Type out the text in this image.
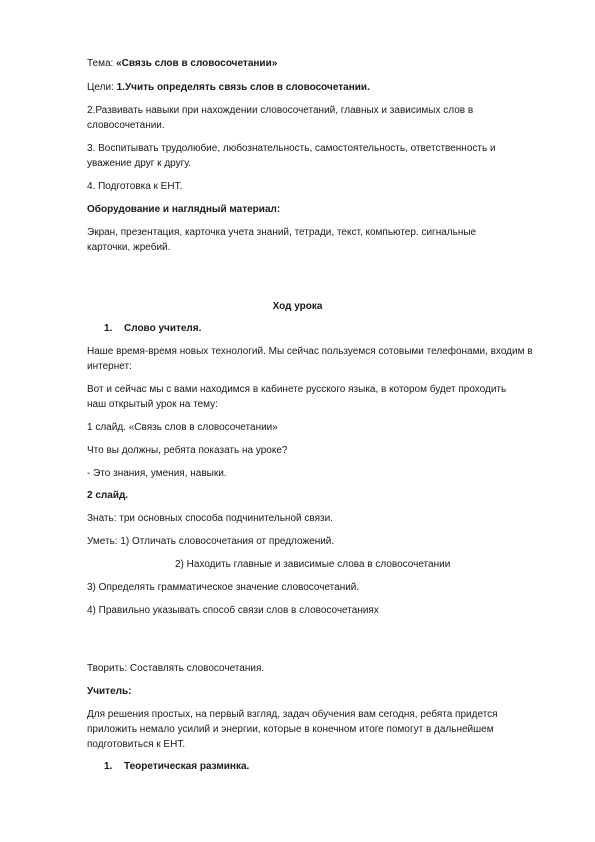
Тема: «Связь слов в словосочетании»

Цели: 1.Учить определять связь слов в словосочетании.

2.Развивать навыки при нахождении словосочетаний, главных и зависимых слов в

словосочетании.

3. Воспитывать трудолюбие, любознательность, самостоятельность, ответственность и

уважение друг к другу.

4. Подготовка к ЕНТ.

Оборудование и наглядный материал:

Экран, презентация, карточка учета знаний, тетради, текст, компьютер. сигнальные

карточки, жребий.

Ход урока

1. Слово учителя.

Наше время-время новых технологий. Мы сейчас пользуемся сотовыми телефонами, входим в

интернет:

Вот и сейчас мы с вами находимся в кабинете русского языка, в котором будет проходить

наш открытый урок на тему:

1 слайд. «Связь слов в словосочетании»

Что вы должны, ребята показать на уроке?

- Это знания, умения, навыки.

2 слайд.

Знать: три основных способа подчинительной связи.

Уметь: 1) Отличать словосочетания от предложений.

2) Находить главные и зависимые слова в словосочетании

3) Определять грамматическое значение словосочетаний.

4) Правильно указывать способ связи слов в словосочетаниях

Творить: Составлять словосочетания.

Учитель:

Для решения простых, на первый взгляд, задач обучения вам сегодня, ребята придется

приложить немало усилий и энергии, которые в конечном итоге помогут в дальнейшем

подготовиться к ЕНТ.

1. Теоретическая разминка.
